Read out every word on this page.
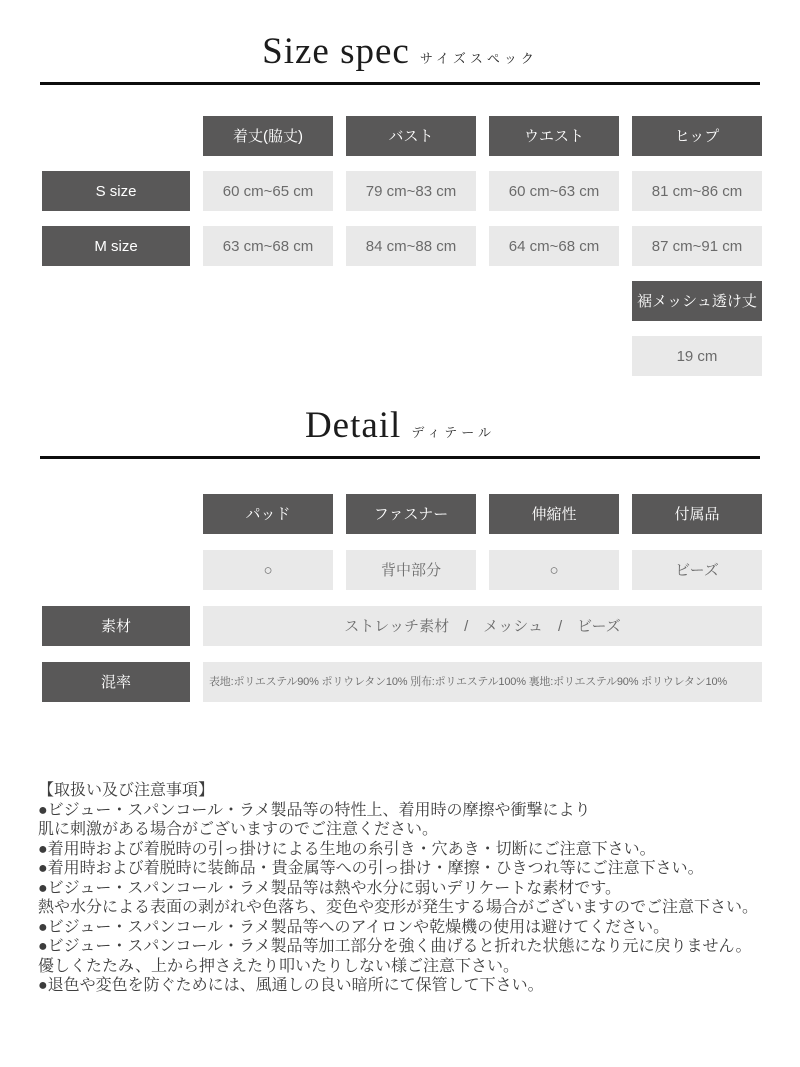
Size spec サイズスペック
着丈(脇丈)	バスト	ウエスト	ヒップ
S size	60 cm~65 cm	79 cm~83 cm	60 cm~63 cm	81 cm~86 cm
M size	63 cm~68 cm	84 cm~88 cm	64 cm~68 cm	87 cm~91 cm
裾メッシュ透け丈
19 cm
Detail ディテール
パッド	ファスナー	伸縮性	付属品
○	背中部分	○	ビーズ
素材	ストレッチ素材　/　メッシュ　/　ビーズ
混率	表地:ポリエステル90% ポリウレタン10% 別布:ポリエステル100% 裏地:ポリエステル90% ポリウレタン10%
【取扱い及び注意事項】
●ビジュー・スパンコール・ラメ製品等の特性上、着用時の摩擦や衝撃により
肌に刺激がある場合がございますのでご注意ください。
●着用時および着脱時の引っ掛けによる生地の糸引き・穴あき・切断にご注意下さい。
●着用時および着脱時に装飾品・貴金属等への引っ掛け・摩擦・ひきつれ等にご注意下さい。
●ビジュー・スパンコール・ラメ製品等は熱や水分に弱いデリケートな素材です。
熱や水分による表面の剥がれや色落ち、変色や変形が発生する場合がございますのでご注意下さい。
●ビジュー・スパンコール・ラメ製品等へのアイロンや乾燥機の使用は避けてください。
●ビジュー・スパンコール・ラメ製品等加工部分を強く曲げると折れた状態になり元に戻りません。
優しくたたみ、上から押さえたり叩いたりしない様ご注意下さい。
●退色や変色を防ぐためには、風通しの良い暗所にて保管して下さい。
